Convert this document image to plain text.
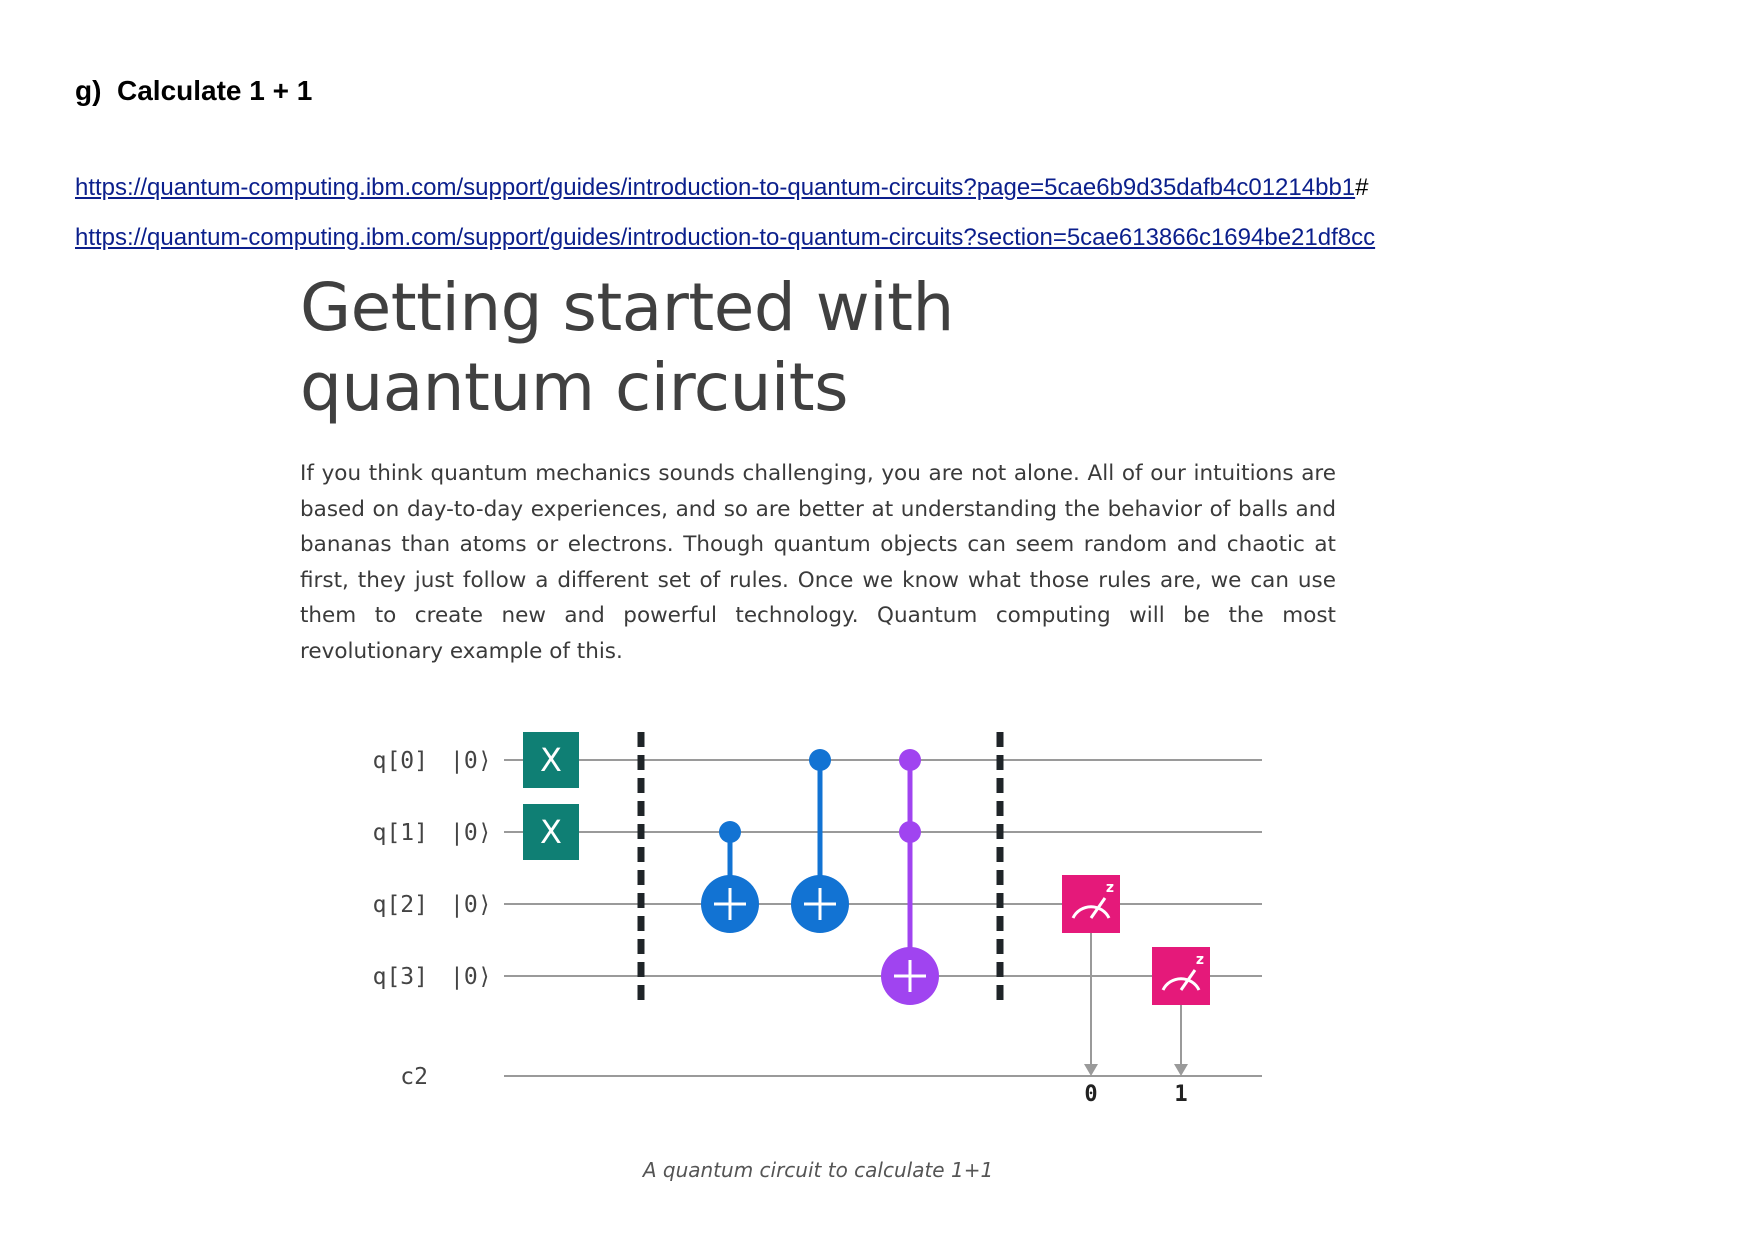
g) Calculate 1 + 1
https://quantum-computing.ibm.com/support/guides/introduction-to-quantum-circuits?page=5cae6b9d35dafb4c01214bb1#
https://quantum-computing.ibm.com/support/guides/introduction-to-quantum-circuits?section=5cae613866c1694be21df8cc
Getting started with quantum circuits

If you think quantum mechanics sounds challenging, you are not alone. All of our intuitions are based on day-to-day experiences, and so are better at understanding the behavior of balls and bananas than atoms or electrons. Though quantum objects can seem random and chaotic at first, they just follow a different set of rules. Once we know what those rules are, we can use them to create new and powerful technology. Quantum computing will be the most revolutionary example of this.

q[0] |0⟩
q[1] |0⟩
q[2] |0⟩
q[3] |0⟩
c2
X
X
z
0
z
1
A quantum circuit to calculate 1+1
